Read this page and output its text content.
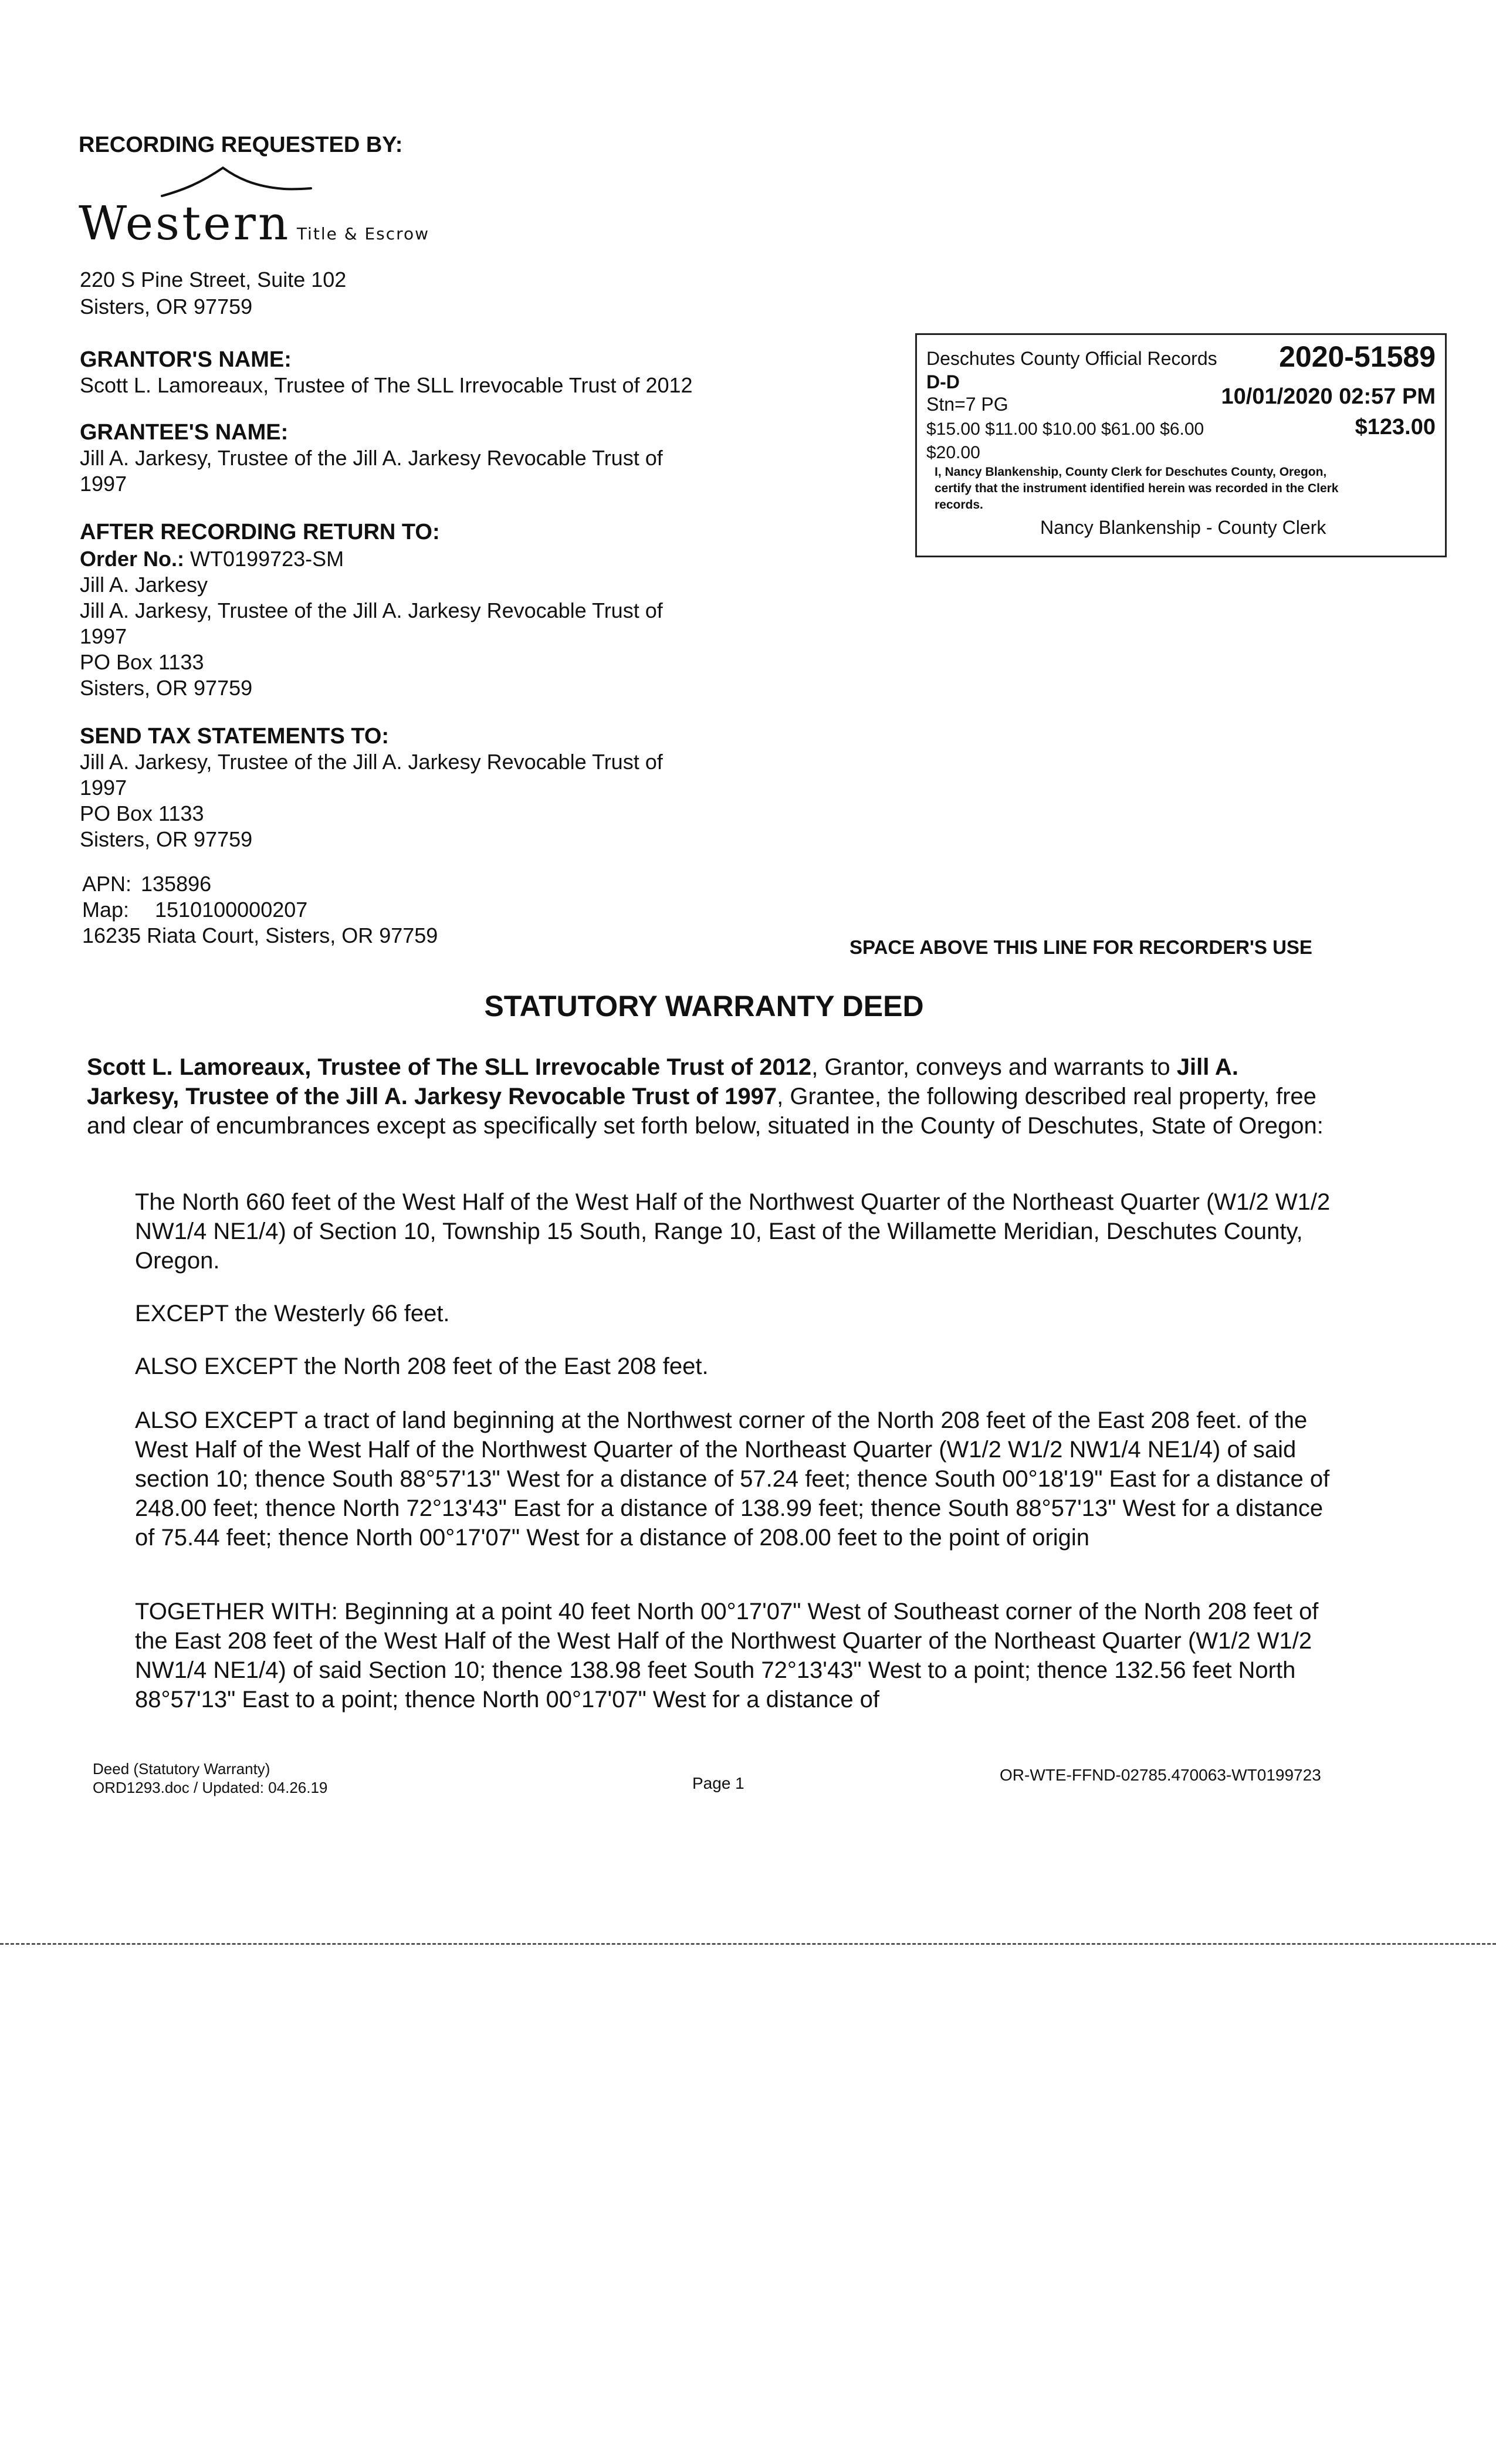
RECORDING REQUESTED BY:
Western Title & Escrow
220 S Pine Street, Suite 102
Sisters, OR 97759
GRANTOR'S NAME:
Scott L. Lamoreaux, Trustee of The SLL Irrevocable Trust of 2012
GRANTEE'S NAME:
Jill A. Jarkesy, Trustee of the Jill A. Jarkesy Revocable Trust of
1997
AFTER RECORDING RETURN TO:
Order No.: WT0199723-SM
Jill A. Jarkesy
Jill A. Jarkesy, Trustee of the Jill A. Jarkesy Revocable Trust of
1997
PO Box 1133
Sisters, OR 97759
SEND TAX STATEMENTS TO:
Jill A. Jarkesy, Trustee of the Jill A. Jarkesy Revocable Trust of
1997
PO Box 1133
Sisters, OR 97759
APN: 135896
Map: 1510100000207
16235 Riata Court, Sisters, OR 97759
Deschutes County Official Records 2020-51589
D-D
Stn=7 PG	10/01/2020 02:57 PM
$15.00 $11.00 $10.00 $61.00 $6.00	$123.00
$20.00
I, Nancy Blankenship, County Clerk for Deschutes County, Oregon,
certify that the instrument identified herein was recorded in the Clerk
records.
Nancy Blankenship - County Clerk
SPACE ABOVE THIS LINE FOR RECORDER'S USE
STATUTORY WARRANTY DEED
Scott L. Lamoreaux, Trustee of The SLL Irrevocable Trust of 2012, Grantor, conveys and warrants to Jill A. Jarkesy, Trustee of the Jill A. Jarkesy Revocable Trust of 1997, Grantee, the following described real property, free and clear of encumbrances except as specifically set forth below, situated in the County of Deschutes, State of Oregon:
The North 660 feet of the West Half of the West Half of the Northwest Quarter of the Northeast Quarter (W1/2 W1/2 NW1/4 NE1/4) of Section 10, Township 15 South, Range 10, East of the Willamette Meridian, Deschutes County, Oregon.
EXCEPT the Westerly 66 feet.
ALSO EXCEPT the North 208 feet of the East 208 feet.
ALSO EXCEPT a tract of land beginning at the Northwest corner of the North 208 feet of the East 208 feet. of the West Half of the West Half of the Northwest Quarter of the Northeast Quarter (W1/2 W1/2 NW1/4 NE1/4) of said section 10; thence South 88°57'13" West for a distance of 57.24 feet; thence South 00°18'19" East for a distance of 248.00 feet; thence North 72°13'43" East for a distance of 138.99 feet; thence South 88°57'13" West for a distance of 75.44 feet; thence North 00°17'07" West for a distance of 208.00 feet to the point of origin
TOGETHER WITH: Beginning at a point 40 feet North 00°17'07" West of Southeast corner of the North 208 feet of the East 208 feet of the West Half of the West Half of the Northwest Quarter of the Northeast Quarter (W1/2 W1/2 NW1/4 NE1/4) of said Section 10; thence 138.98 feet South 72°13'43" West to a point; thence 132.56 feet North 88°57'13" East to a point; thence North 00°17'07" West for a distance of
Deed (Statutory Warranty)
ORD1293.doc / Updated: 04.26.19	Page 1	OR-WTE-FFND-02785.470063-WT0199723
